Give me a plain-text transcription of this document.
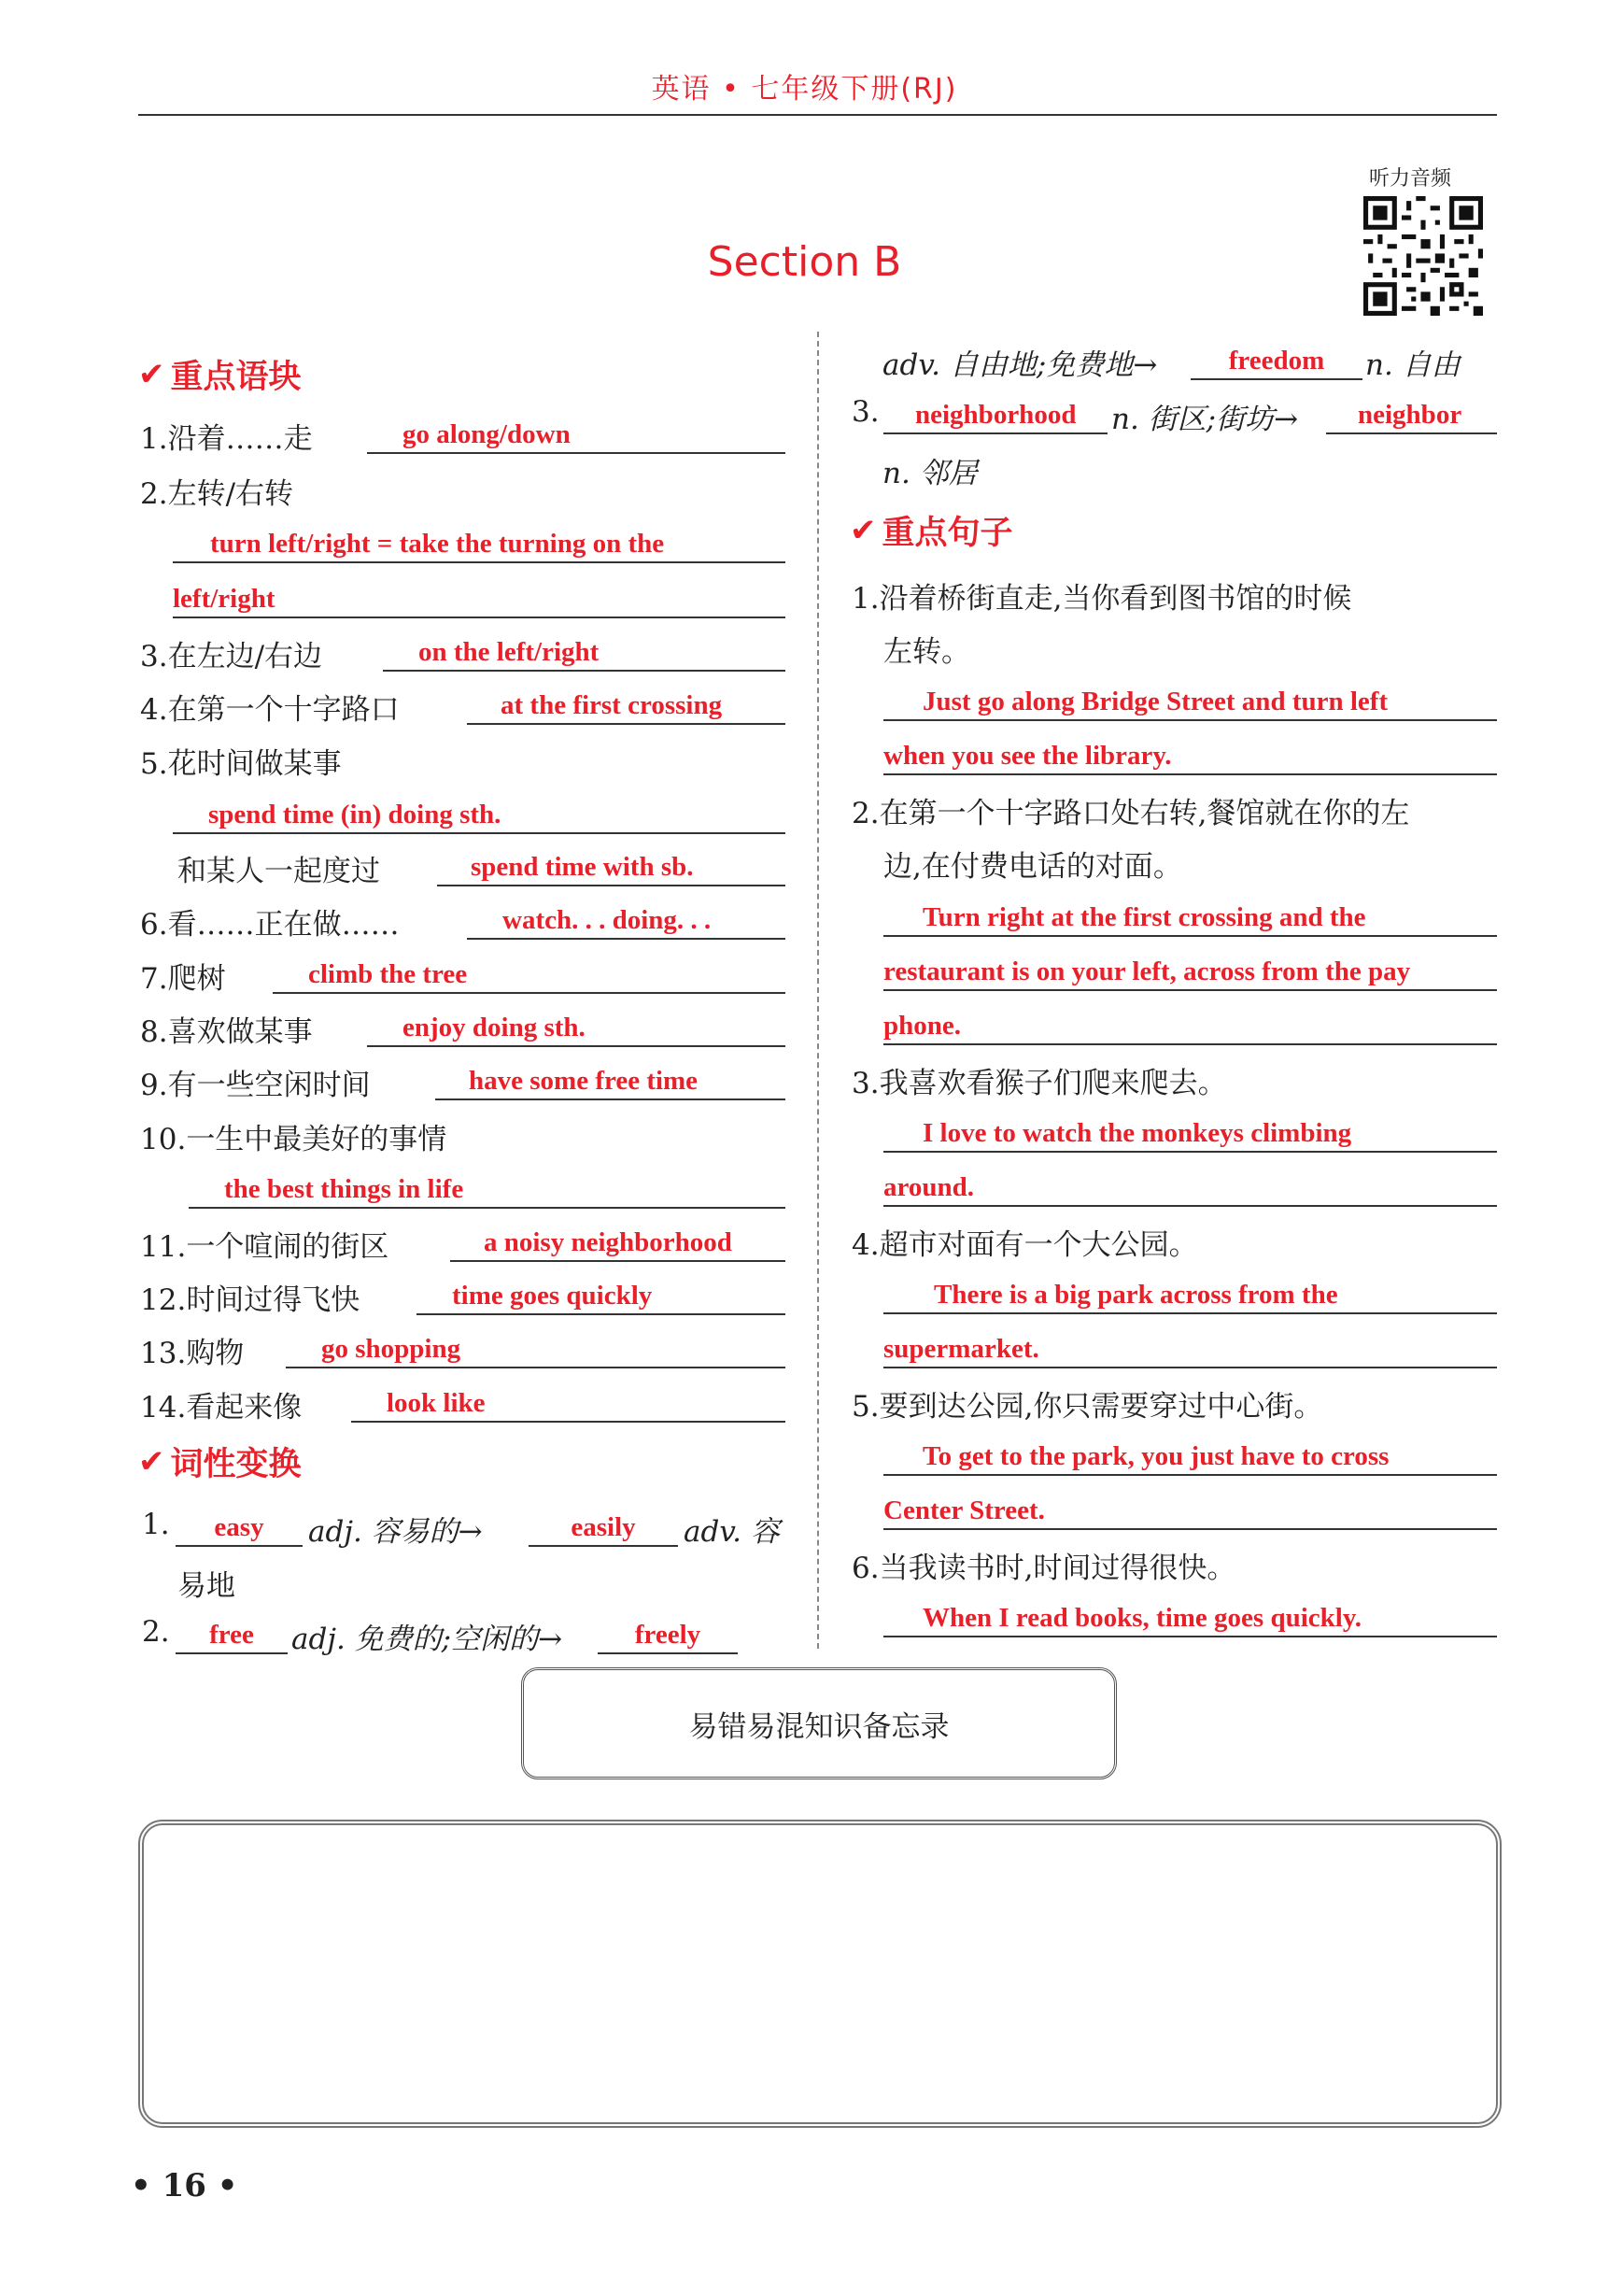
英语 • 七年级下册(RJ)
听力音频
Section B
✔ 重点语块
1.沿着……走	go along/down
2.左转/右转
turn left/right = take the turning on the
left/right
3.在左边/右边	on the left/right
4.在第一个十字路口	at the first crossing
5.花时间做某事
spend time (in) doing sth.
和某人一起度过	spend time with sb.
6.看……正在做……	watch. . . doing. . .
7.爬树	climb the tree
8.喜欢做某事	enjoy doing sth.
9.有一些空闲时间	have some free time
10.一生中最美好的事情
the best things in life
11.一个喧闹的街区	a noisy neighborhood
12.时间过得飞快	time goes quickly
13.购物	go shopping
14.看起来像	look like
✔ 词性变换
1.	easy	adj. 容易的→	easily	adv. 容
易地
2.	free	adj. 免费的;空闲的→	freely
adv. 自由地;免费地→	freedom	n. 自由
3. neighborhood	n. 街区;街坊→ neighbor
n. 邻居
✔ 重点句子
1.沿着桥街直走,当你看到图书馆的时候
左转。
Just go along Bridge Street and turn left
when you see the library.
2.在第一个十字路口处右转,餐馆就在你的左
边,在付费电话的对面。
Turn right at the first crossing and the
restaurant is on your left, across from the pay
phone.
3.我喜欢看猴子们爬来爬去。
I love to watch the monkeys climbing
around.
4.超市对面有一个大公园。
There is a big park across from the
supermarket.
5.要到达公园,你只需要穿过中心街。
To get to the park, you just have to cross
Center Street.
6.当我读书时,时间过得很快。
When I read books, time goes quickly.
易错易混知识备忘录
• 16 •
